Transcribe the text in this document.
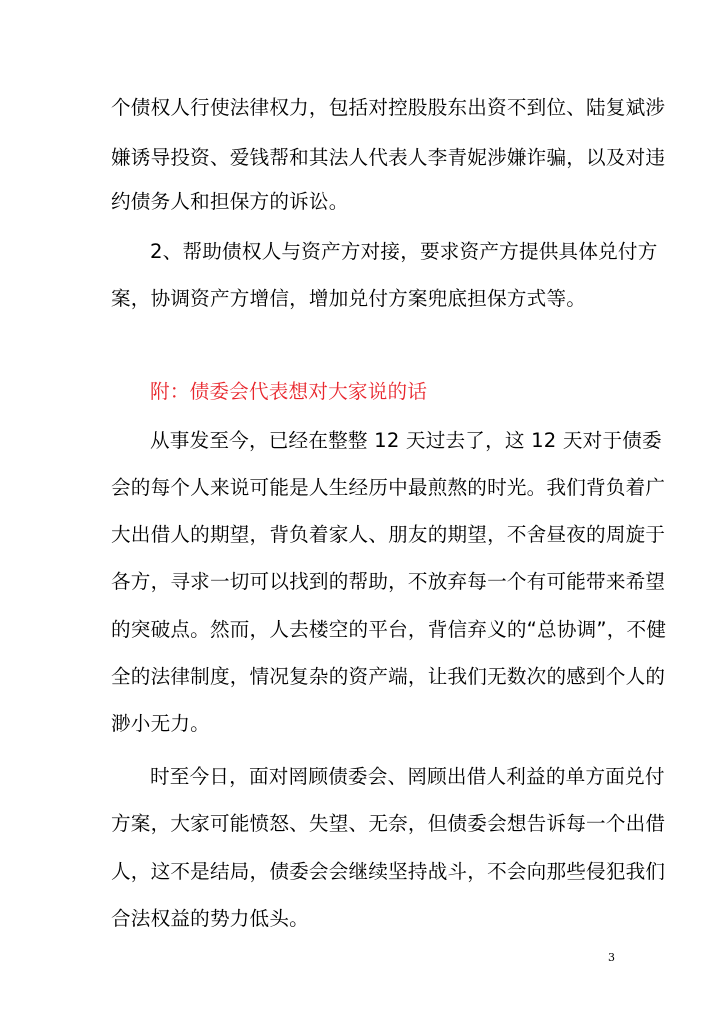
个债权人行使法律权力，包括对控股股东出资不到位、陆复斌涉
嫌诱导投资、爱钱帮和其法人代表人李青妮涉嫌诈骗，以及对违
约债务人和担保方的诉讼。
2、帮助债权人与资产方对接，要求资产方提供具体兑付方
案，协调资产方增信，增加兑付方案兜底担保方式等。
附：债委会代表想对大家说的话
从事发至今，已经在整整 12 天过去了，这 12 天对于债委
会的每个人来说可能是人生经历中最煎熬的时光。我们背负着广
大出借人的期望，背负着家人、朋友的期望，不舍昼夜的周旋于
各方，寻求一切可以找到的帮助，不放弃每一个有可能带来希望
的突破点。然而，人去楼空的平台，背信弃义的“总协调”，不健
全的法律制度，情况复杂的资产端，让我们无数次的感到个人的
渺小无力。
时至今日，面对罔顾债委会、罔顾出借人利益的单方面兑付
方案，大家可能愤怒、失望、无奈，但债委会想告诉每一个出借
人，这不是结局，债委会会继续坚持战斗，不会向那些侵犯我们
合法权益的势力低头。
3
